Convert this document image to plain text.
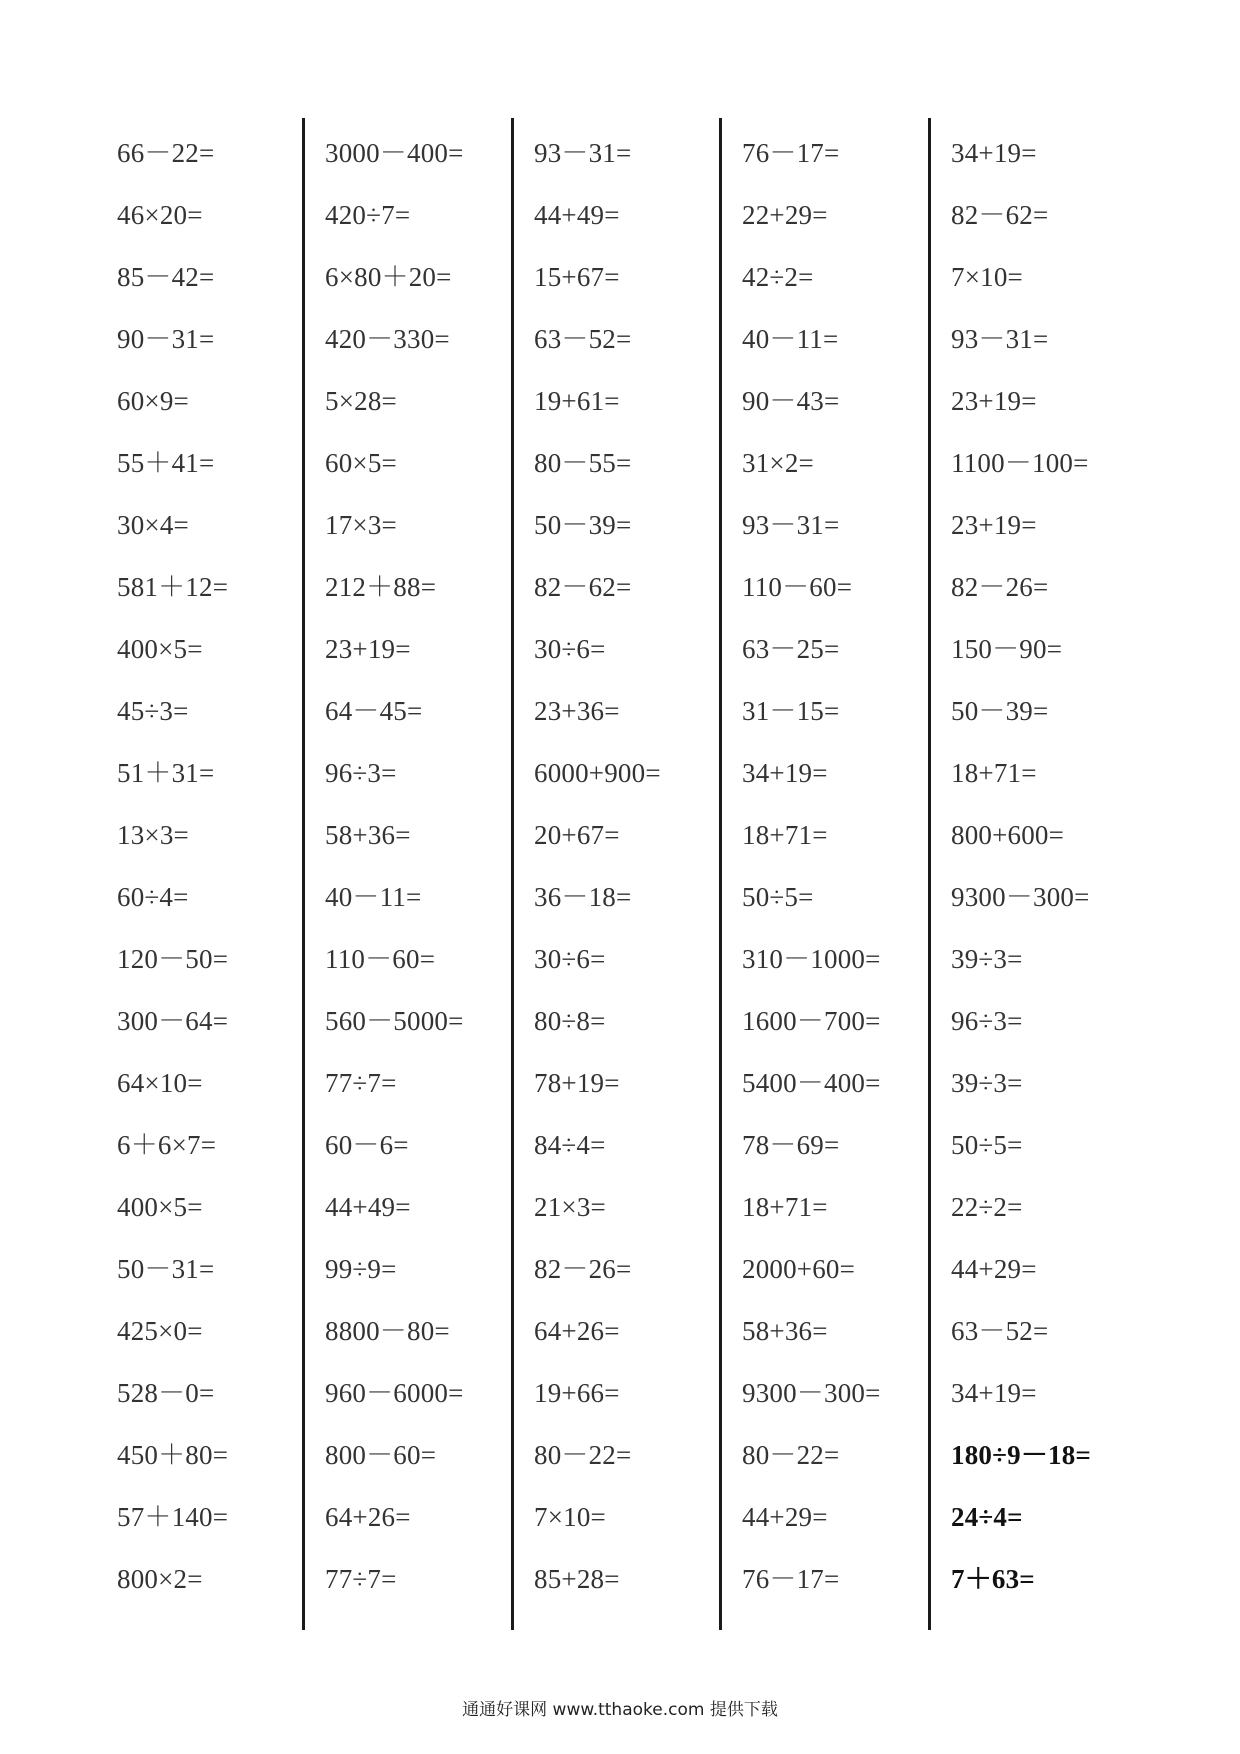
66－22=
46×20=
85－42=
90－31=
60×9=
55＋41=
30×4=
581＋12=
400×5=
45÷3=
51＋31=
13×3=
60÷4=
120－50=
300－64=
64×10=
6＋6×7=
400×5=
50－31=
425×0=
528－0=
450＋80=
57＋140=
800×2=
3000－400=
420÷7=
6×80＋20=
420－330=
5×28=
60×5=
17×3=
212＋88=
23+19=
64－45=
96÷3=
58+36=
40－11=
110－60=
560－5000=
77÷7=
60－6=
44+49=
99÷9=
8800－80=
960－6000=
800－60=
64+26=
77÷7=
93－31=
44+49=
15+67=
63－52=
19+61=
80－55=
50－39=
82－62=
30÷6=
23+36=
6000+900=
20+67=
36－18=
30÷6=
80÷8=
78+19=
84÷4=
21×3=
82－26=
64+26=
19+66=
80－22=
7×10=
85+28=
76－17=
22+29=
42÷2=
40－11=
90－43=
31×2=
93－31=
110－60=
63－25=
31－15=
34+19=
18+71=
50÷5=
310－1000=
1600－700=
5400－400=
78－69=
18+71=
2000+60=
58+36=
9300－300=
80－22=
44+29=
76－17=
34+19=
82－62=
7×10=
93－31=
23+19=
1100－100=
23+19=
82－26=
150－90=
50－39=
18+71=
800+600=
9300－300=
39÷3=
96÷3=
39÷3=
50÷5=
22÷2=
44+29=
63－52=
34+19=
180÷9－18=
24÷4=
7＋63=
通通好课网 www.tthaoke.com 提供下载
